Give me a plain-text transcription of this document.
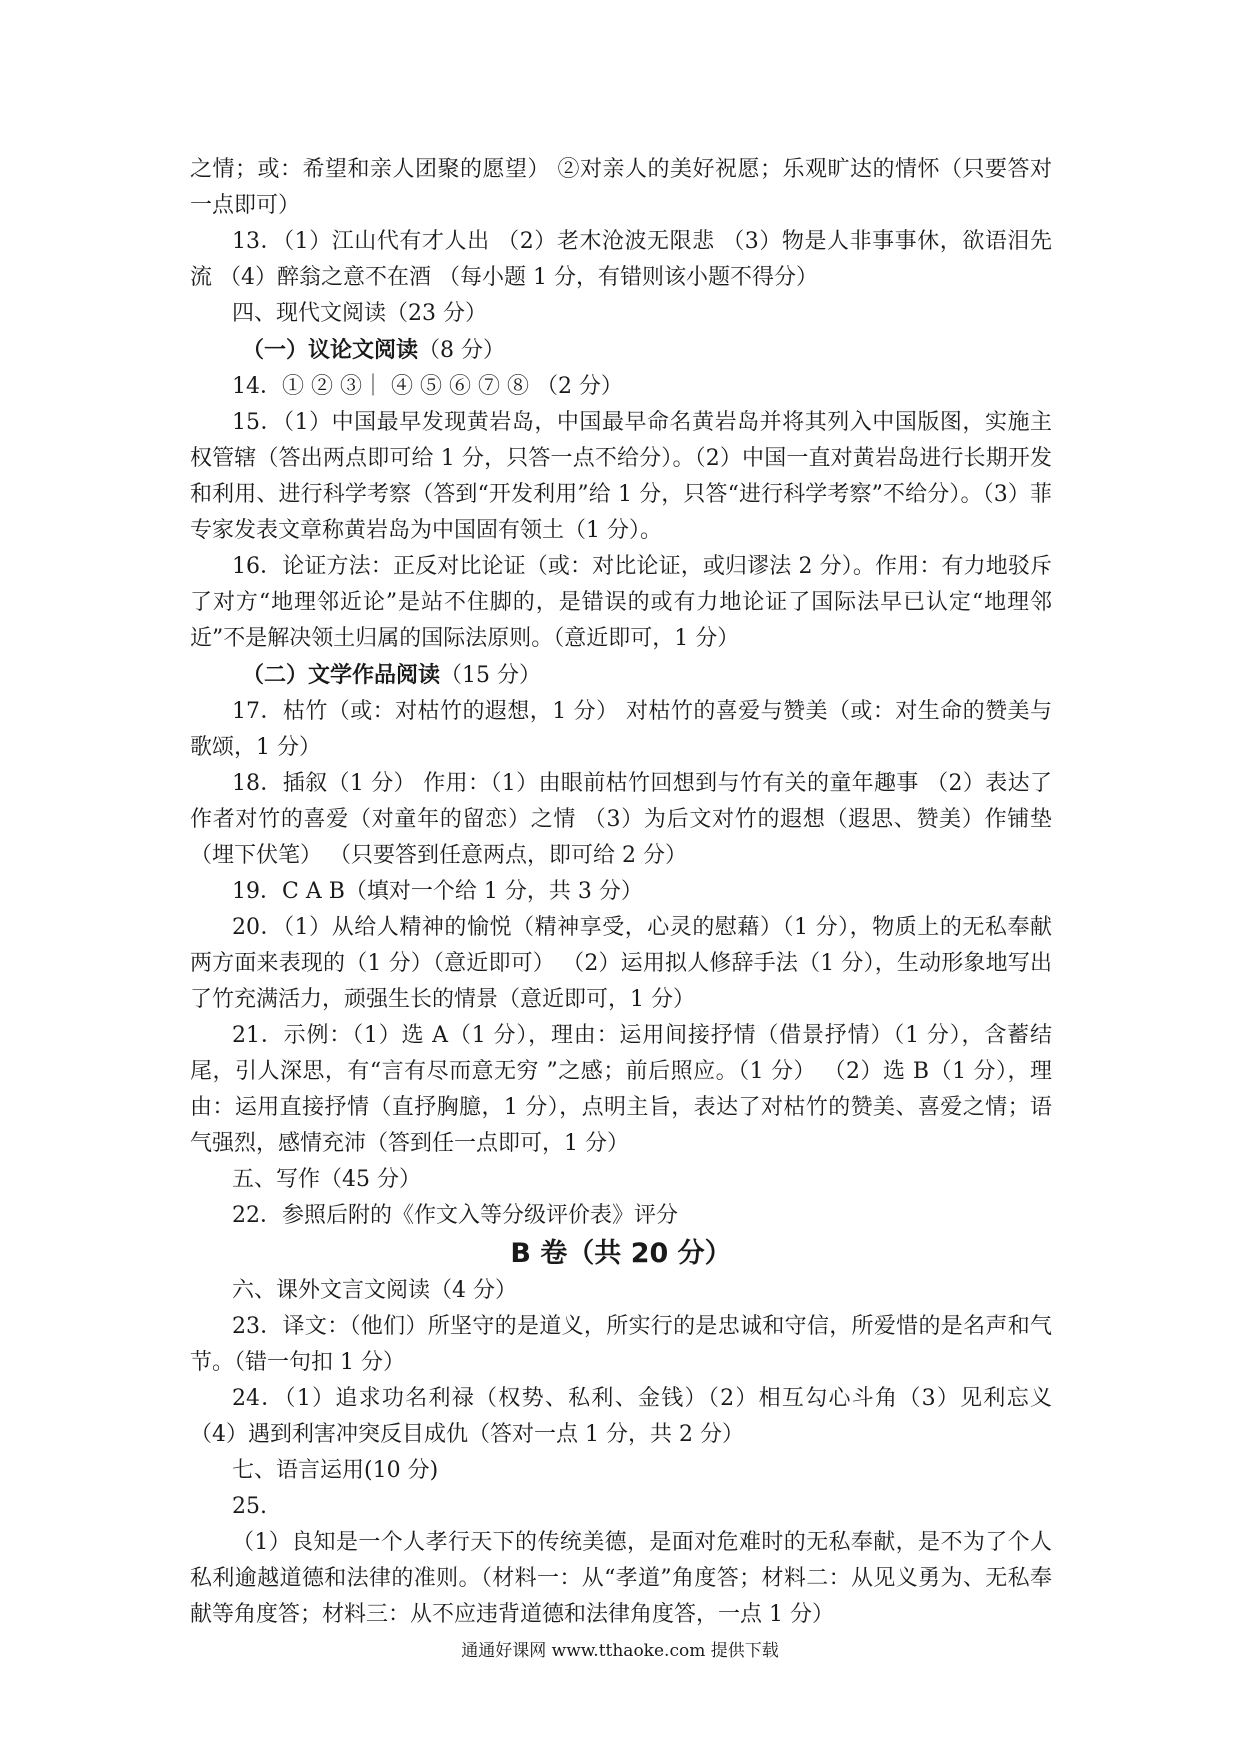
之情；或：希望和亲人团聚的愿望） ②对亲人的美好祝愿；乐观旷达的情怀（只要答对一点即可）

13．（1）江山代有才人出 （2）老木沧波无限悲 （3）物是人非事事休，欲语泪先流 （4）醉翁之意不在酒 （每小题 1 分，有错则该小题不得分）

四、现代文阅读（23 分）

（一）议论文阅读（8 分）

14．① ② ③｜ ④ ⑤ ⑥ ⑦ ⑧ （2 分）

15．（1）中国最早发现黄岩岛，中国最早命名黄岩岛并将其列入中国版图，实施主权管辖（答出两点即可给 1 分，只答一点不给分）。（2）中国一直对黄岩岛进行长期开发和利用、进行科学考察（答到“开发利用”给 1 分，只答“进行科学考察”不给分）。（3）菲专家发表文章称黄岩岛为中国固有领土（1 分）。

16．论证方法：正反对比论证（或：对比论证，或归谬法 2 分）。作用：有力地驳斥了对方“地理邻近论”是站不住脚的，是错误的或有力地论证了国际法早已认定“地理邻近”不是解决领土归属的国际法原则。（意近即可，1 分）

（二）文学作品阅读（15 分）

17．枯竹（或：对枯竹的遐想，1 分） 对枯竹的喜爱与赞美（或：对生命的赞美与歌颂，1 分）

18．插叙（1 分） 作用：（1）由眼前枯竹回想到与竹有关的童年趣事 （2）表达了作者对竹的喜爱（对童年的留恋）之情 （3）为后文对竹的遐想（遐思、赞美）作铺垫（埋下伏笔） （只要答到任意两点，即可给 2 分）

19．C A B（填对一个给 1 分，共 3 分）

20．（1）从给人精神的愉悦（精神享受，心灵的慰藉）（1 分），物质上的无私奉献两方面来表现的（1 分）（意近即可） （2）运用拟人修辞手法（1 分），生动形象地写出了竹充满活力，顽强生长的情景（意近即可，1 分）

21．示例：（1）选 A（1 分），理由：运用间接抒情（借景抒情）（1 分），含蓄结尾，引人深思，有“言有尽而意无穷 ”之感；前后照应。（1 分） （2）选 B（1 分），理由：运用直接抒情（直抒胸臆，1 分），点明主旨，表达了对枯竹的赞美、喜爱之情；语气强烈，感情充沛（答到任一点即可，1 分）

五、写作（45 分）

22．参照后附的《作文入等分级评价表》评分

B 卷（共 20 分）

六、课外文言文阅读（4 分）

23．译文：（他们）所坚守的是道义，所实行的是忠诚和守信，所爱惜的是名声和气节。（错一句扣 1 分）

24．（1）追求功名利禄（权势、私利、金钱）（2）相互勾心斗角（3）见利忘义（4）遇到利害冲突反目成仇（答对一点 1 分，共 2 分）

七、语言运用(10 分)

25.

（1）良知是一个人孝行天下的传统美德，是面对危难时的无私奉献，是不为了个人私利逾越道德和法律的准则。（材料一：从“孝道”角度答；材料二：从见义勇为、无私奉献等角度答；材料三：从不应违背道德和法律角度答，一点 1 分）

通通好课网 www.tthaoke.com 提供下载
